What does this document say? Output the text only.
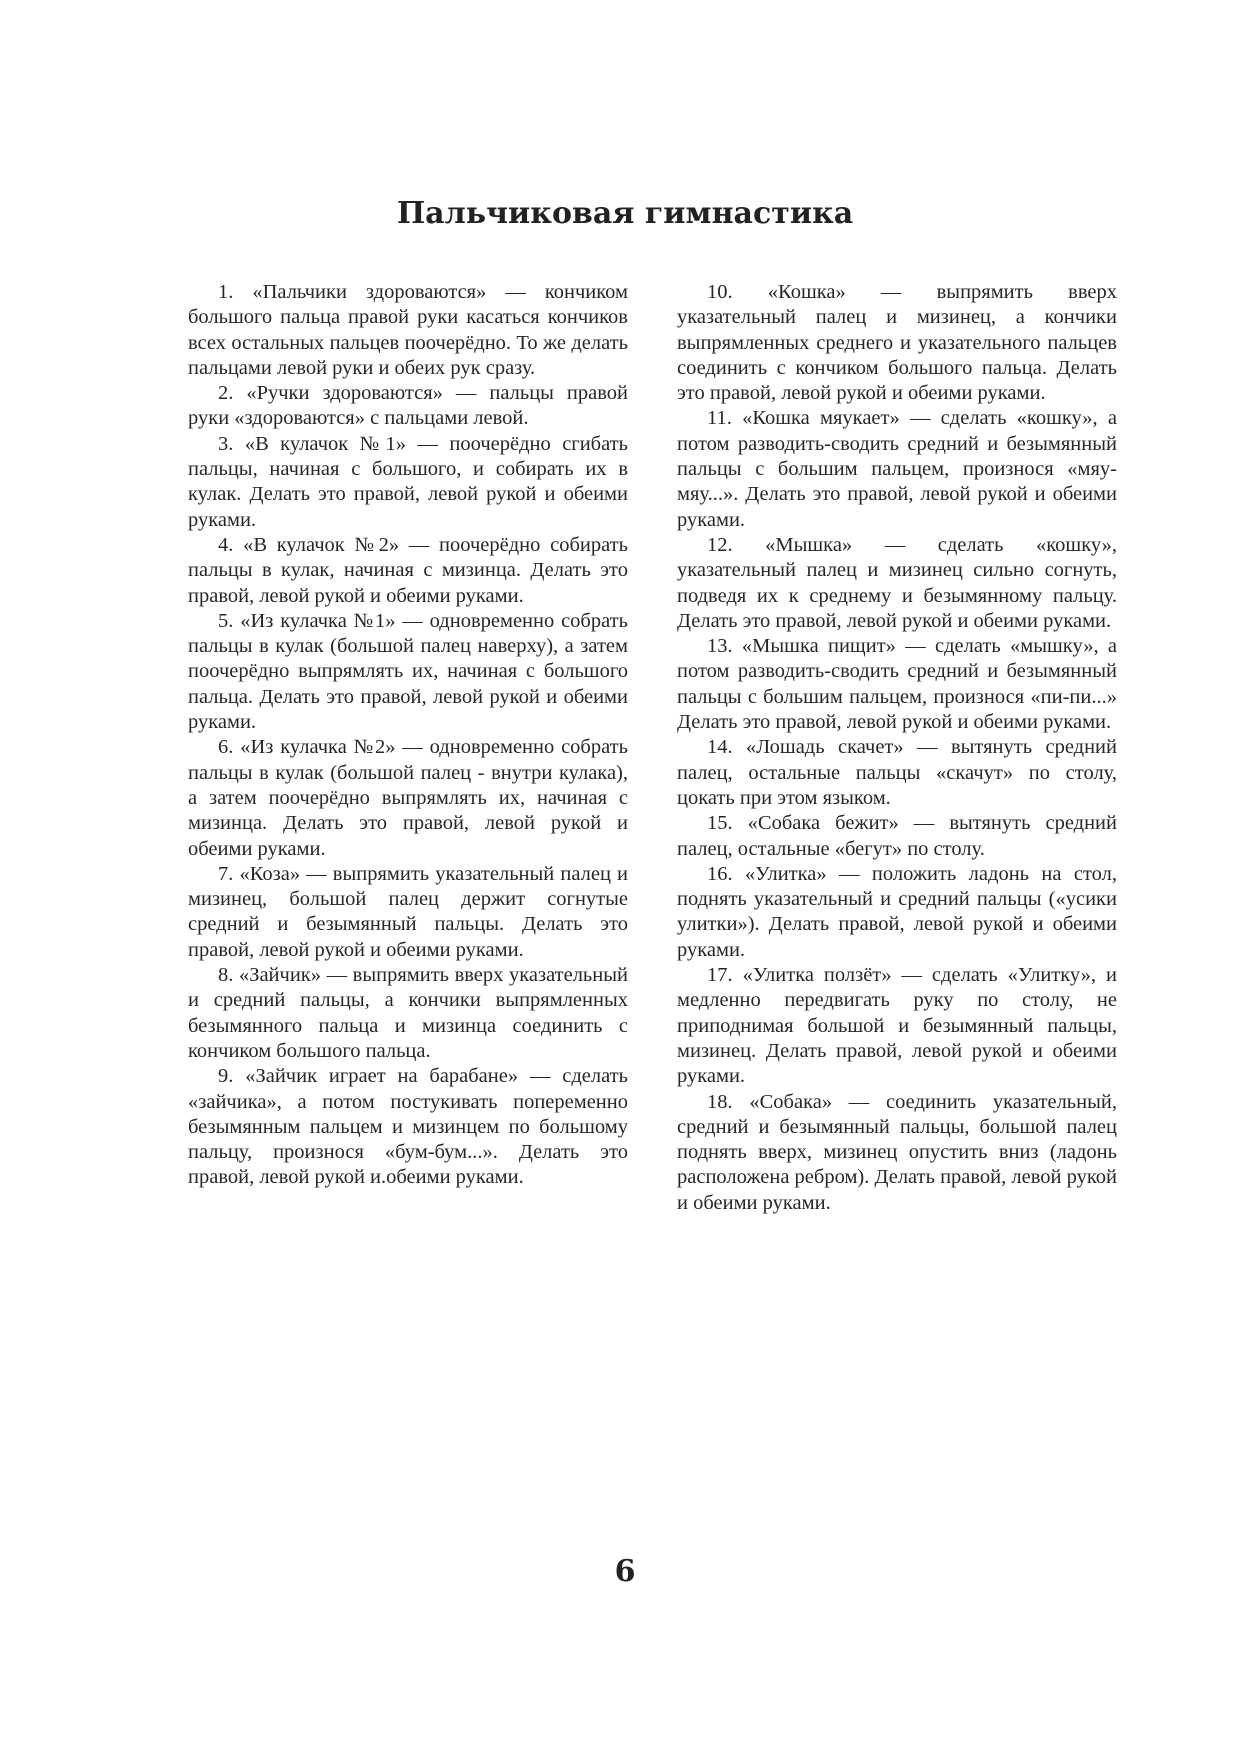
Пальчиковая гимнастика

1. «Пальчики здороваются» — кончиком большого пальца правой руки касаться кончиков всех остальных пальцев поочерёдно. То же делать пальцами левой руки и обеих рук сразу.

2. «Ручки здороваются» — пальцы правой руки «здороваются» с пальцами левой.

3. «В кулачок №1» — поочерёдно сгибать пальцы, начиная с большого, и собирать их в кулак. Делать это правой, левой рукой и обеими руками.

4. «В кулачок №2» — поочерёдно собирать пальцы в кулак, начиная с мизинца. Делать это правой, левой рукой и обеими руками.

5. «Из кулачка №1» — одновременно собрать пальцы в кулак (большой палец наверху), а затем поочерёдно выпрямлять их, начиная с большого пальца. Делать это правой, левой рукой и обеими руками.

6. «Из кулачка №2» — одновременно собрать пальцы в кулак (большой палец - внутри кулака), а затем поочерёдно выпрямлять их, начиная с мизинца. Делать это правой, левой рукой и обеими руками.

7. «Коза» — выпрямить указательный палец и мизинец, большой палец держит согнутые средний и безымянный пальцы. Делать это правой, левой рукой и обеими руками.

8. «Зайчик» — выпрямить вверх указательный и средний пальцы, а кончики выпрямленных безымянного пальца и мизинца соединить с кончиком большого пальца.

9. «Зайчик играет на барабане» — сделать «зайчика», а потом постукивать попеременно безымянным пальцем и мизинцем по большому пальцу, произнося «бум-бум...». Делать это правой, левой рукой и.обеими руками.

10. «Кошка» — выпрямить вверх указательный палец и мизинец, а кончики выпрямленных среднего и указательного пальцев соединить с кончиком большого пальца. Делать это правой, левой рукой и обеими руками.

11. «Кошка мяукает» — сделать «кошку», а потом разводить-сводить средний и безымянный пальцы с большим пальцем, произнося «мяу-мяу...». Делать это правой, левой рукой и обеими руками.

12. «Мышка» — сделать «кошку», указательный палец и мизинец сильно согнуть, подведя их к среднему и безымянному пальцу. Делать это правой, левой рукой и обеими руками.

13. «Мышка пищит» — сделать «мышку», а потом разводить-сводить средний и безымянный пальцы с большим пальцем, произнося «пи-пи...» Делать это правой, левой рукой и обеими руками.

14. «Лошадь скачет» — вытянуть средний палец, остальные пальцы «скачут» по столу, цокать при этом языком.

15. «Собака бежит» — вытянуть средний палец, остальные «бегут» по столу.

16. «Улитка» — положить ладонь на стол, поднять указательный и средний пальцы («усики улитки»). Делать правой, левой рукой и обеими руками.

17. «Улитка ползёт» — сделать «Улитку», и медленно передвигать руку по столу, не приподнимая большой и безымянный пальцы, мизинец. Делать правой, левой рукой и обеими руками.

18. «Собака» — соединить указательный, средний и безымянный пальцы, большой палец поднять вверх, мизинец опустить вниз (ладонь расположена ребром). Делать правой, левой рукой и обеими руками.

6
